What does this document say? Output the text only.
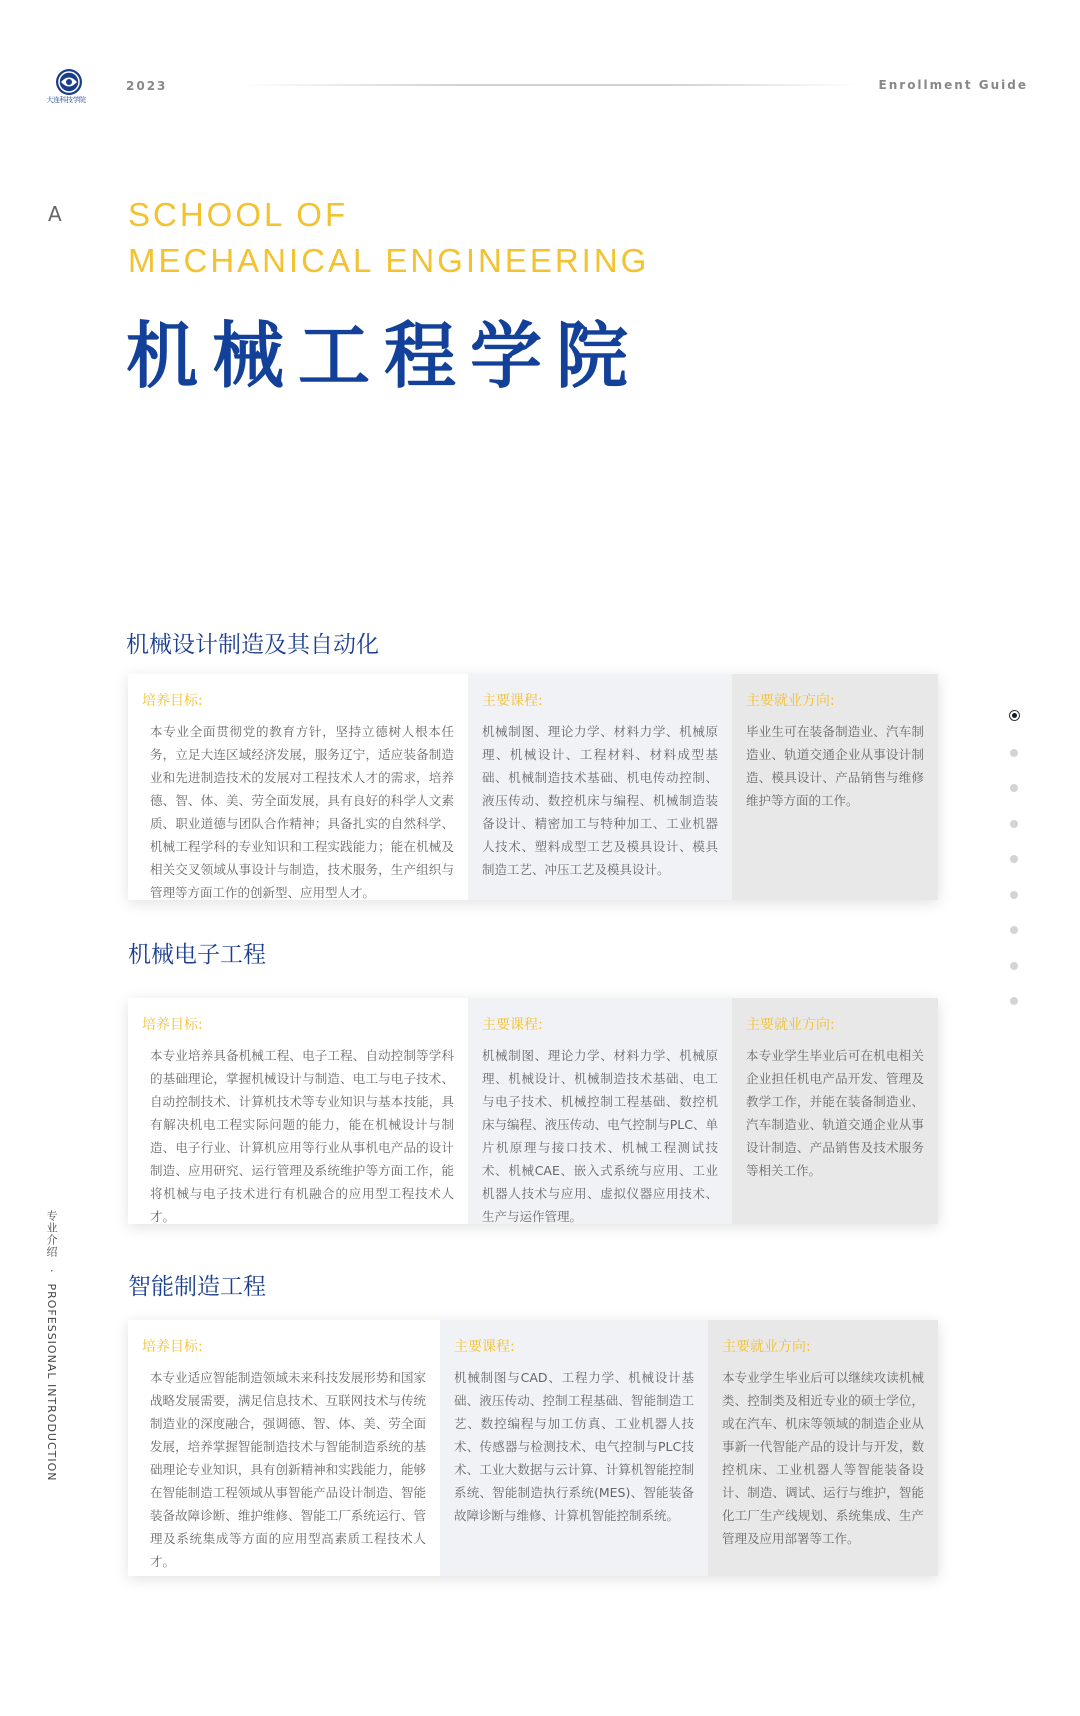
大连科技学院
2023	Enrollment Guide
A SCHOOL OF
MECHANICAL ENGINEERING
机械工程学院
机械设计制造及其自动化
培养目标:
本专业全面贯彻党的教育方针，坚持立德树人根本任务，立足大连区域经济发展，服务辽宁，适应装备制造业和先进制造技术的发展对工程技术人才的需求，培养德、智、体、美、劳全面发展，具有良好的科学人文素质、职业道德与团队合作精神；具备扎实的自然科学、机械工程学科的专业知识和工程实践能力；能在机械及相关交叉领域从事设计与制造，技术服务，生产组织与管理等方面工作的创新型、应用型人才。
主要课程:
机械制图、理论力学、材料力学、机械原理、机械设计、工程材料、材料成型基础、机械制造技术基础、机电传动控制、液压传动、数控机床与编程、机械制造装备设计、精密加工与特种加工、工业机器人技术、塑料成型工艺及模具设计、模具制造工艺、冲压工艺及模具设计。
主要就业方向:
毕业生可在装备制造业、汽车制造业、轨道交通企业从事设计制造、模具设计、产品销售与维修维护等方面的工作。
机械电子工程
培养目标:
本专业培养具备机械工程、电子工程、自动控制等学科的基础理论，掌握机械设计与制造、电工与电子技术、自动控制技术、计算机技术等专业知识与基本技能，具有解决机电工程实际问题的能力，能在机械设计与制造、电子行业、计算机应用等行业从事机电产品的设计制造、应用研究、运行管理及系统维护等方面工作，能将机械与电子技术进行有机融合的应用型工程技术人才。
主要课程:
机械制图、理论力学、材料力学、机械原理、机械设计、机械制造技术基础、电工与电子技术、机械控制工程基础、数控机床与编程、液压传动、电气控制与PLC、单片机原理与接口技术、机械工程测试技术、机械CAE、嵌入式系统与应用、工业机器人技术与应用、虚拟仪器应用技术、生产与运作管理。
主要就业方向:
本专业学生毕业后可在机电相关企业担任机电产品开发、管理及教学工作，并能在装备制造业、汽车制造业、轨道交通企业从事设计制造、产品销售及技术服务等相关工作。
智能制造工程
培养目标:
本专业适应智能制造领域未来科技发展形势和国家战略发展需要，满足信息技术、互联网技术与传统制造业的深度融合，强调德、智、体、美、劳全面发展，培养掌握智能制造技术与智能制造系统的基础理论专业知识，具有创新精神和实践能力，能够在智能制造工程领域从事智能产品设计制造、智能装备故障诊断、维护维修、智能工厂系统运行、管理及系统集成等方面的应用型高素质工程技术人才。
主要课程:
机械制图与CAD、工程力学、机械设计基础、液压传动、控制工程基础、智能制造工艺、数控编程与加工仿真、工业机器人技术、传感器与检测技术、电气控制与PLC技术、工业大数据与云计算、计算机智能控制系统、智能制造执行系统(MES)、智能装备故障诊断与维修、计算机智能控制系统。
主要就业方向:
本专业学生毕业后可以继续攻读机械类、控制类及相近专业的硕士学位，或在汽车、机床等领域的制造企业从事新一代智能产品的设计与开发，数控机床、工业机器人等智能装备设计、制造、调试、运行与维护，智能化工厂生产线规划、系统集成、生产管理及应用部署等工作。
专业介绍 · PROFESSIONAL INTRODUCTION
